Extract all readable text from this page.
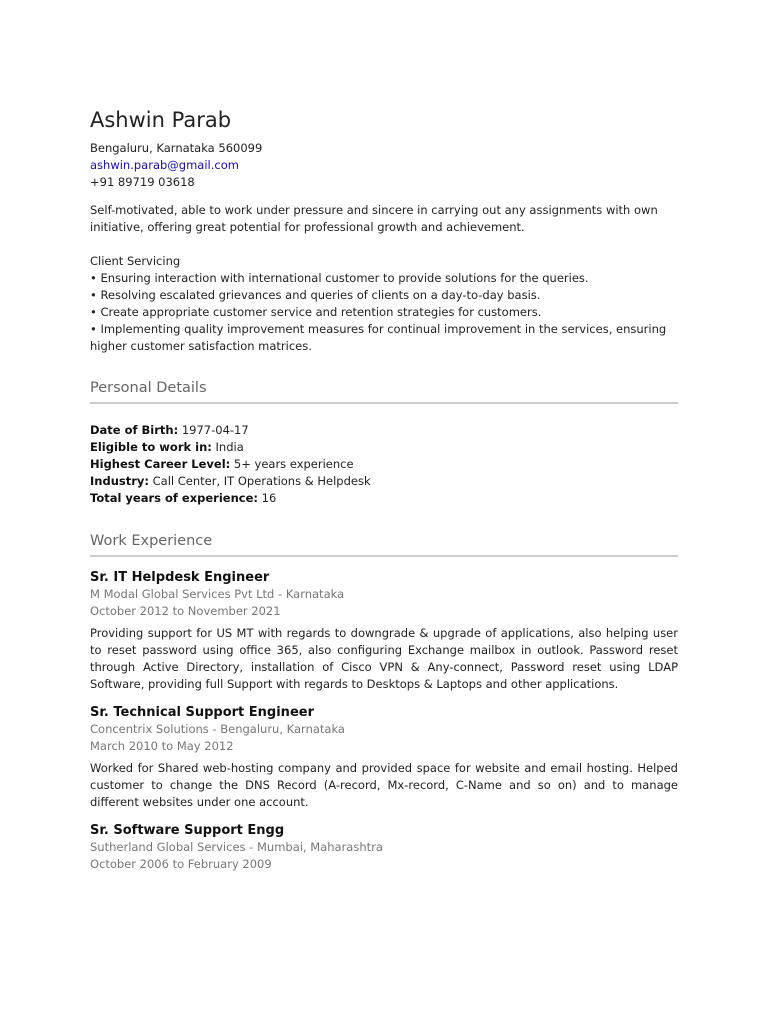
Ashwin Parab
Bengaluru, Karnataka 560099
ashwin.parab@gmail.com
+91 89719 03618

Self-motivated, able to work under pressure and sincere in carrying out any assignments with own initiative, offering great potential for professional growth and achievement.

Client Servicing

• Ensuring interaction with international customer to provide solutions for the queries.

• Resolving escalated grievances and queries of clients on a day-to-day basis.

• Create appropriate customer service and retention strategies for customers.

• Implementing quality improvement measures for continual improvement in the services, ensuring higher customer satisfaction matrices.

Personal Details
Date of Birth: 1977-04-17
Eligible to work in: India
Highest Career Level: 5+ years experience
Industry: Call Center, IT Operations & Helpdesk
Total years of experience: 16
Work Experience
Sr. IT Helpdesk Engineer
M Modal Global Services Pvt Ltd - Karnataka
October 2012 to November 2021
Providing support for US MT with regards to downgrade & upgrade of applications, also helping user to reset password using office 365, also configuring Exchange mailbox in outlook. Password reset through Active Directory, installation of Cisco VPN & Any-connect, Password reset using LDAP Software, providing full Support with regards to Desktops & Laptops and other applications.
Sr. Technical Support Engineer
Concentrix Solutions - Bengaluru, Karnataka
March 2010 to May 2012
Worked for Shared web-hosting company and provided space for website and email hosting. Helped customer to change the DNS Record (A-record, Mx-record, C-Name and so on) and to manage different websites under one account.
Sr. Software Support Engg
Sutherland Global Services - Mumbai, Maharashtra
October 2006 to February 2009
